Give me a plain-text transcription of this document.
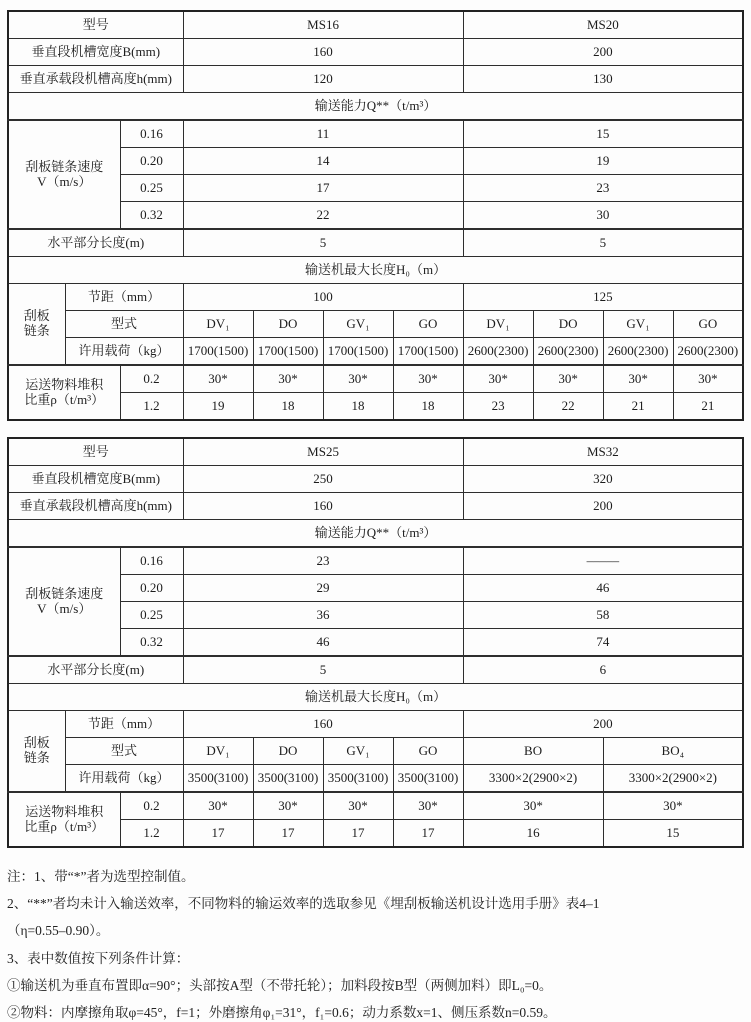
型号			MS16				MS20			
垂直段机槽宽度B(mm)			160				200			
垂直承载段机槽高度h(mm)			120				130			
输送能力Q**（t/m³）										
刮板链条速度
V（m/s）		0.16	11				15			
		0.20	14				19			
		0.25	17				23			
		0.32	22				30			
水平部分长度(m)			5				5			
输送机最大长度H₀（m）										
刮板
链条	节距（mm）		100				125			
	型式		DV₁	DO	GV₁	GO	DV₁	DO	GV₁	GO
	许用载荷（kg）		1700(1500)	1700(1500)	1700(1500)	1700(1500)	2600(2300)	2600(2300)	2600(2300)	2600(2300)
运送物料堆积
比重ρ（t/m³）		0.2	30*	30*	30*	30*	30*	30*	30*	30*
		1.2	19	18	18	18	23	22	21	21
型号			MS25				MS32	
垂直段机槽宽度B(mm)			250				320	
垂直承载段机槽高度h(mm)			160				200	
输送能力Q**（t/m³）								
刮板链条速度
V（m/s）		0.16	23				–––––	
		0.20	29				46	
		0.25	36				58	
		0.32	46				74	
水平部分长度(m)			5				6	
输送机最大长度H₀（m）								
刮板
链条	节距（mm）		160				200	
	型式		DV₁	DO	GV₁	GO	BO	BO₄
	许用载荷（kg）		3500(3100)	3500(3100)	3500(3100)	3500(3100)	3300×2(2900×2)	3300×2(2900×2)
运送物料堆积
比重ρ（t/m³）		0.2	30*	30*	30*	30*	30*	30*
		1.2	17	17	17	17	16	15

注：1、带“*”者为选型控制值。

2、“**”者均未计入输送效率，不同物料的输运效率的选取参见《埋刮板输送机设计选用手册》表4–1

（η=0.55–0.90）。

3、表中数值按下列条件计算：

①输送机为垂直布置即α=90°；头部按A型（不带托轮）；加料段按B型（两侧加料）即L₀=0。

②物料：内摩擦角取φ=45°，f=1；外磨擦角φ₁=31°，f₁=0.6；动力系数x=1、侧压系数n=0.59。
